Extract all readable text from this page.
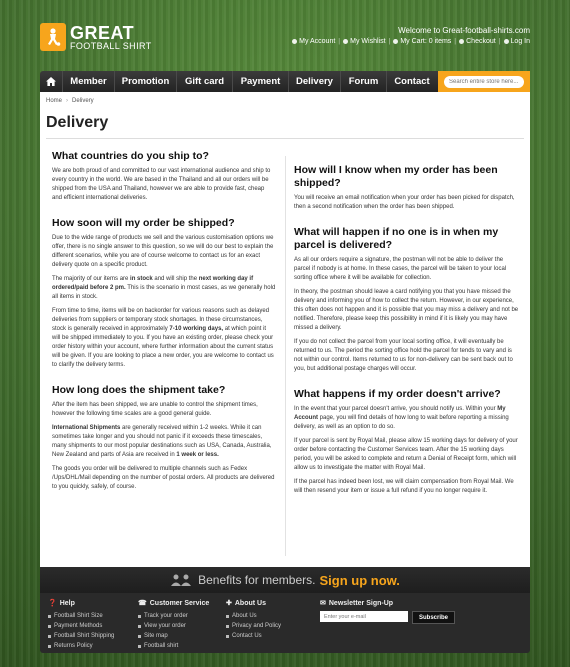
GREAT
FOOTBALL SHIRT
Welcome to Great-football-shirts.com
My Account |	My Wishlist |	My Cart: 0 items |	Checkout |	Log In
Member	Promotion	Gift card	Payment	Delivery	Forum	Contact
Search entire store here...
Home › Delivery
Delivery
What countries do you ship to?

We are both proud of and committed to our vast international audience and ship to every country in the world. We are based in the Thailand and all our orders will be shipped from the USA and Thailand, however we are able to provide fast, cheap and efficient international deliveries.

How soon will my order be shipped?

Due to the wide range of products we sell and the various customisation options we offer, there is no single answer to this question, so we will do our best to explain the different scenarios, while you are of course welcome to contact us for an exact delivery quote on a specific product.

The majority of our items are in stock and will ship the next working day if ordered/paid before 2 pm. This is the scenario in most cases, as we generally hold all items in stock.

From time to time, items will be on backorder for various reasons such as delayed deliveries from suppliers or temporary stock shortages. In these circumstances, stock is generally received in approximately 7-10 working days, at which point it will be shipped immediately to you. If you have an existing order, please check your order history within your account, where further information about the current status will be given. If you are looking to place a new order, you are welcome to contact us to clarify the delivery terms.

How long does the shipment take?

After the item has been shipped, we are unable to control the shipment times, however the following time scales are a good general guide.

International Shipments are generally received within 1-2 weeks. While it can sometimes take longer and you should not panic if it exceeds these timescales, many shipments to our most popular destinations such as USA, Canada, Australia, New Zealand and parts of Asia are received in 1 week or less.

The goods you order will be delivered to multiple channels such as Fedex /Ups/DHL/Mail depending on the number of postal orders. All products are delivered to you quickly, safely, of course.

How will I know when my order has been shipped?

You will receive an email notification when your order has been picked for dispatch, then a second notification when the order has been shipped.

What will happen if no one is in when my parcel is delivered?

As all our orders require a signature, the postman will not be able to deliver the parcel if nobody is at home. In these cases, the parcel will be taken to your local sorting office where it will be available for collection.

In theory, the postman should leave a card notifying you that you have missed the delivery and informing you of how to collect the return. However, in our experience, this often does not happen and it is possible that you may miss a delivery and not be notified. Therefore, please keep this possibility in mind if it is likely you may have missed a delivery.

If you do not collect the parcel from your local sorting office, it will eventually be returned to us. The period the sorting office hold the parcel for tends to vary and is not within our control. Items returned to us for non-delivery can be sent back out to you, but additional postage charges will occur.

What happens if my order doesn't arrive?

In the event that your parcel doesn't arrive, you should notify us. Within your My Account page, you will find details of how long to wait before reporting a missing delivery, as well as an option to do so.

If your parcel is sent by Royal Mail, please allow 15 working days for delivery of your order before contacting the Customer Services team. After the 15 working days period, you will be asked to complete and return a Denial of Receipt form, which will allow us to investigate the matter with Royal Mail.

If the parcel has indeed been lost, we will claim compensation from Royal Mail. We will then resend your item or issue a full refund if you no longer require it.

Benefits for members. Sign up now.
❓ Help
Football Shirt Size
Payment Methods
Football Shirt Shipping
Returns Policy
☎ Customer Service
Track your order
View your order
Site map
Football shirt
✚ About Us
About Us
Privacy and Policy
Contact Us
✉ Newsletter Sign-Up
Enter your e-mail
Subscribe
